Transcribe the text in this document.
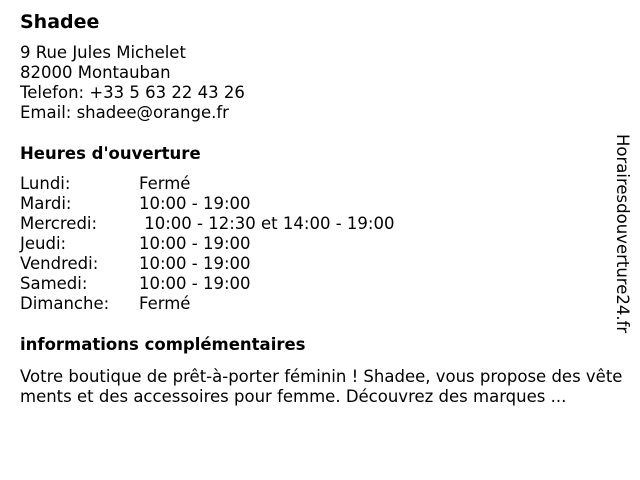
Shadee
9 Rue Jules Michelet
82000 Montauban
Telefon: +33 5 63 22 43 26
Email: shadee@orange.fr
Heures d'ouverture
Lundi:	Fermé
Mardi:	10:00 - 19:00
Mercredi:	10:00 - 12:30 et 14:00 - 19:00
Jeudi:	10:00 - 19:00
Vendredi:	10:00 - 19:00
Samedi:	10:00 - 19:00
Dimanche:	Fermé
informations complémentaires
Votre boutique de prêt-à-porter féminin ! Shadee, vous propose des vêtements et des accessoires pour femme. Découvrez des marques ...
Horairesdouverture24.fr
